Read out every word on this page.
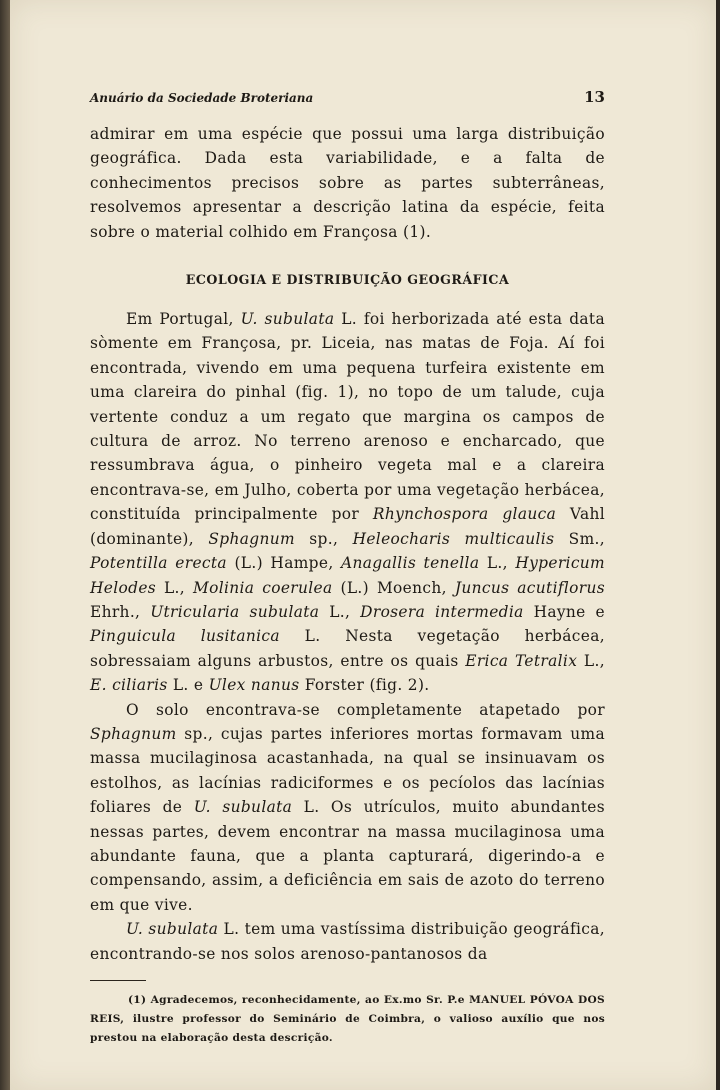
Anuário da Sociedade Broteriana	13

admirar em uma espécie que possui uma larga distribuição geográfica. Dada esta variabilidade, e a falta de conhecimentos precisos sobre as partes subterrâneas, resolvemos apresentar a descrição latina da espécie, feita sobre o material colhido em Françosa (1).

ECOLOGIA E DISTRIBUIÇÃO GEOGRÁFICA

Em Portugal, U. subulata L. foi herborizada até esta data sòmente em Françosa, pr. Liceia, nas matas de Foja. Aí foi encontrada, vivendo em uma pequena turfeira existente em uma clareira do pinhal (fig. 1), no topo de um talude, cuja vertente conduz a um regato que margina os campos de cultura de arroz. No terreno arenoso e encharcado, que ressumbrava água, o pinheiro vegeta mal e a clareira encontrava-se, em Julho, coberta por uma vegetação herbácea, constituída principalmente por Rhynchospora glauca Vahl (dominante), Sphagnum sp., Heleocharis multicaulis Sm., Potentilla erecta (L.) Hampe, Anagallis tenella L., Hypericum Helodes L., Molinia coerulea (L.) Moench, Juncus acutiflorus Ehrh., Utricularia subulata L., Drosera intermedia Hayne e Pinguicula lusitanica L. Nesta vegetação herbácea, sobressaiam alguns arbustos, entre os quais Erica Tetralix L., E. ciliaris L. e Ulex nanus Forster (fig. 2).

O solo encontrava-se completamente atapetado por Sphagnum sp., cujas partes inferiores mortas formavam uma massa mucilaginosa acastanhada, na qual se insinuavam os estolhos, as lacínias radiciformes e os pecíolos das lacínias foliares de U. subulata L. Os utrículos, muito abundantes nessas partes, devem encontrar na massa mucilaginosa uma abundante fauna, que a planta capturará, digerindo-a e compensando, assim, a deficiência em sais de azoto do terreno em que vive.

U. subulata L. tem uma vastíssima distribuição geográfica, encontrando-se nos solos arenoso-pantanosos da

(1) Agradecemos, reconhecidamente, ao Ex.mo Sr. P.e MANUEL PÓVOA DOS REIS, ilustre professor do Seminário de Coimbra, o valioso auxílio que nos prestou na elaboração desta descrição.
